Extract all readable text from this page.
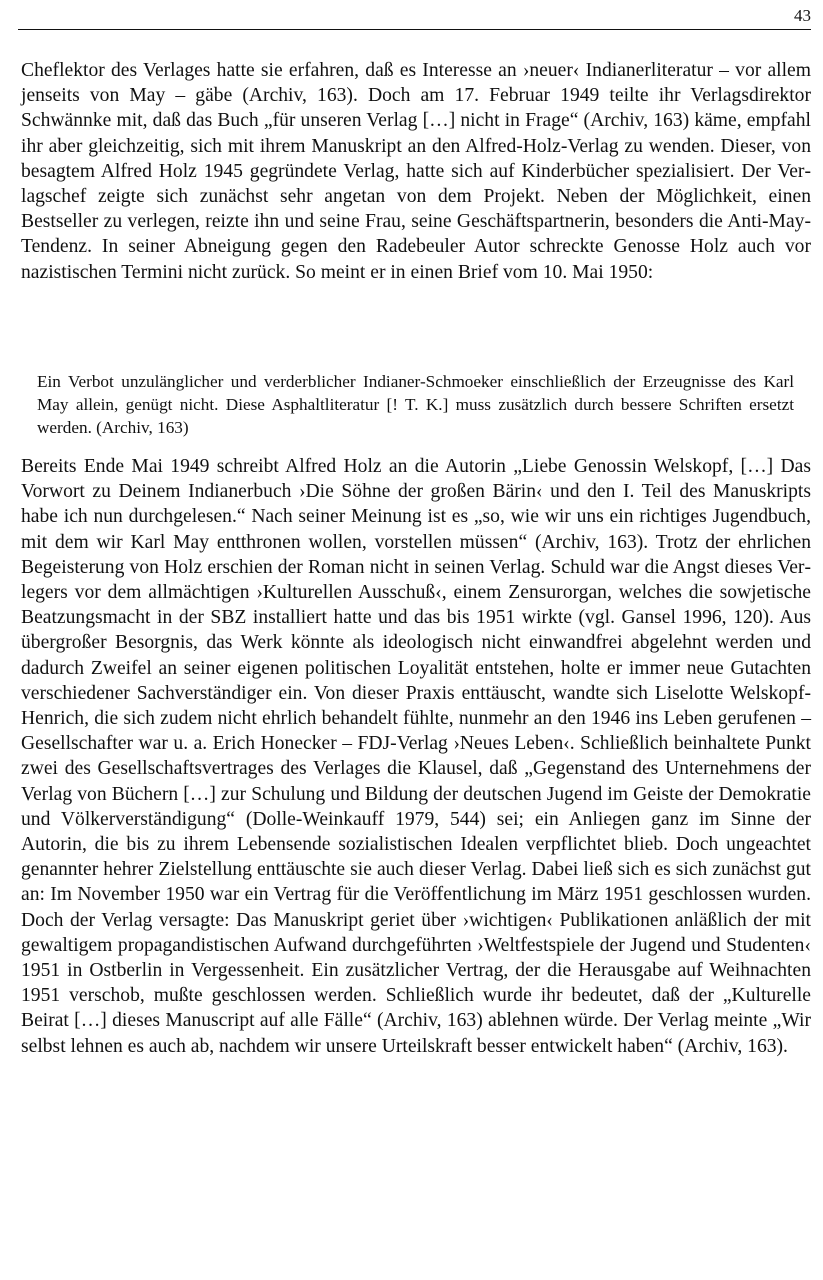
43

Cheflektor des Verlages hatte sie erfahren, daß es Interesse an ›neuer‹ Indianerliteratur – vor allem jenseits von May – gäbe (Archiv, 163). Doch am 17. Februar 1949 teilte ihr Verlagsdirektor Schwännke mit, daß das Buch „für unseren Verlag […] nicht in Frage“ (Archiv, 163) käme, empfahl ihr aber gleichzeitig, sich mit ihrem Manuskript an den Alfred-Holz-Verlag zu wenden. Dieser, von besagtem Alfred Holz 1945 gegründete Verlag, hatte sich auf Kinderbücher spezialisiert. Der Verlagschef zeigte sich zunächst sehr angetan von dem Projekt. Neben der Möglichkeit, einen Bestseller zu verlegen, reizte ihn und seine Frau, seine Geschäftspartnerin, besonders die Anti-May-Tendenz. In seiner Abneigung gegen den Radebeuler Autor schreckte Genosse Holz auch vor nazistischen Termini nicht zurück. So meint er in einen Brief vom 10. Mai 1950:

Ein Verbot unzulänglicher und verderblicher Indianer-Schmoeker einschließlich der Erzeugnisse des Karl May allein, genügt nicht. Diese Asphaltliteratur [! T. K.] muss zusätzlich durch bessere Schriften ersetzt werden. (Archiv, 163)

Bereits Ende Mai 1949 schreibt Alfred Holz an die Autorin „Liebe Genossin Welskopf, […] Das Vorwort zu Deinem Indianerbuch ›Die Söhne der großen Bärin‹ und den I. Teil des Manuskripts habe ich nun durchgelesen.“ Nach seiner Meinung ist es „so, wie wir uns ein richtiges Jugendbuch, mit dem wir Karl May entthronen wollen, vorstellen müssen“ (Archiv, 163). Trotz der ehrlichen Begeisterung von Holz erschien der Roman nicht in seinen Verlag. Schuld war die Angst dieses Verlegers vor dem allmächtigen ›Kulturellen Ausschuß‹, einem Zensurorgan, welches die sowjetische Beatzungsmacht in der SBZ installiert hatte und das bis 1951 wirkte (vgl. Gansel 1996, 120). Aus übergroßer Besorgnis, das Werk könnte als ideologisch nicht einwandfrei abgelehnt werden und dadurch Zweifel an seiner eigenen politischen Loyalität entstehen, holte er immer neue Gutachten verschiedener Sachverständiger ein. Von dieser Praxis enttäuscht, wandte sich Liselotte Welskopf-Henrich, die sich zudem nicht ehrlich behandelt fühlte, nunmehr an den 1946 ins Leben gerufenen – Gesellschafter war u. a. Erich Honecker – FDJ-Verlag ›Neues Leben‹. Schließlich beinhaltete Punkt zwei des Gesellschaftsvertrages des Verlages die Klausel, daß „Gegenstand des Unternehmens der Verlag von Büchern […] zur Schulung und Bildung der deutschen Jugend im Geiste der Demokratie und Völkerverständigung“ (Dolle-Weinkauff 1979, 544) sei; ein Anliegen ganz im Sinne der Autorin, die bis zu ihrem Lebensende sozialistischen Idealen verpflichtet blieb. Doch ungeachtet genannter hehrer Zielstellung enttäuschte sie auch dieser Verlag. Dabei ließ sich es sich zunächst gut an: Im November 1950 war ein Vertrag für die Veröffentlichung im März 1951 geschlossen wurden. Doch der Verlag versagte: Das Manuskript geriet über ›wichtigen‹ Publikationen anläßlich der mit gewaltigem propagandistischen Aufwand durchgeführten ›Weltfestspiele der Jugend und Studenten‹ 1951 in Ostberlin in Vergessenheit. Ein zusätzlicher Vertrag, der die Herausgabe auf Weihnachten 1951 verschob, mußte geschlossen werden. Schließlich wurde ihr bedeutet, daß der „Kulturelle Beirat […] dieses Manuscript auf alle Fälle“ (Archiv, 163) ablehnen würde. Der Verlag meinte „Wir selbst lehnen es auch ab, nachdem wir unsere Urteilskraft besser entwickelt haben“ (Archiv, 163).
